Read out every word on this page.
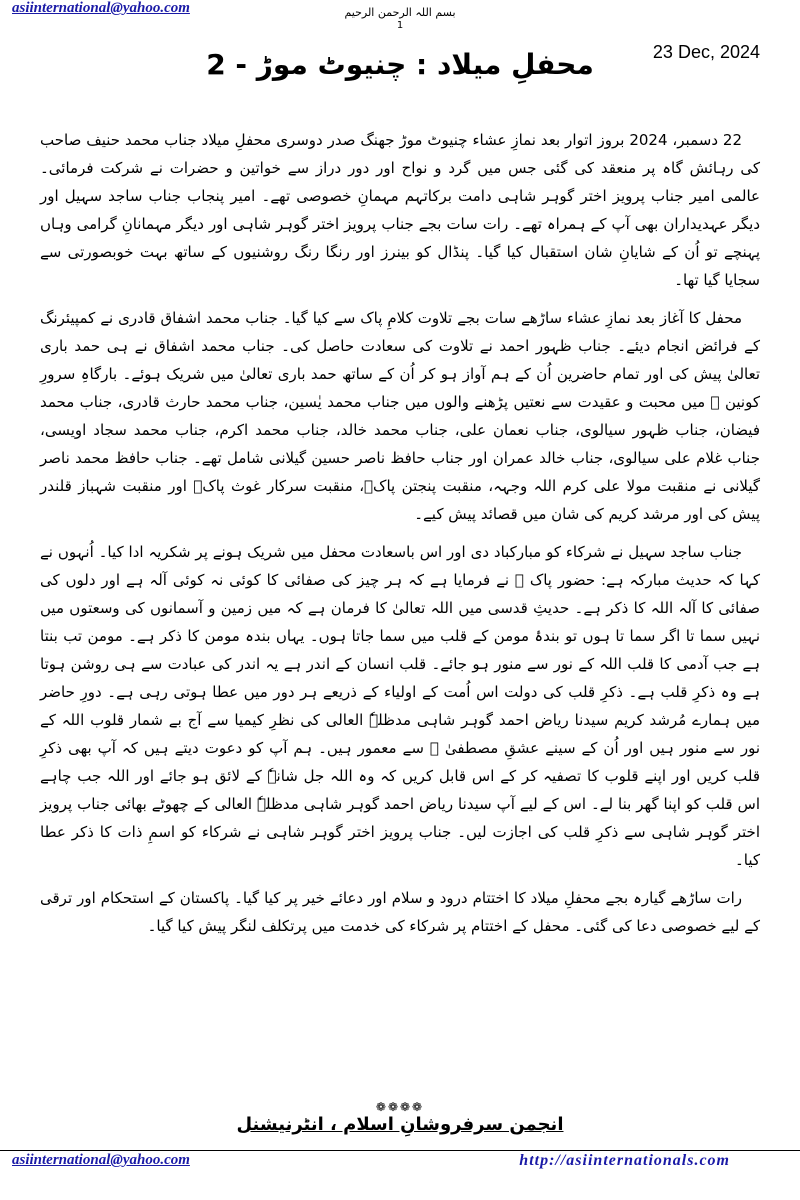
asiinternational@yahoo.com	بسم اللہ الرحمن الرحیم
1
23 Dec, 2024
محفلِ میلاد : چنیوٹ موڑ - 2

22 دسمبر، 2024 بروز اتوار بعد نمازِ عشاء چنیوٹ موڑ جھنگ صدر دوسری محفلِ میلاد جناب محمد حنیف صاحب کی رہائش گاہ پر منعقد کی گئی جس میں گرد و نواح اور دور دراز سے خواتین و حضرات نے شرکت فرمائی۔ عالمی امیر جناب پرویز اختر گوہر شاہی دامت برکاتہم مہمانِ خصوصی تھے۔ امیر پنجاب جناب ساجد سہیل اور دیگر عہدیداران بھی آپ کے ہمراہ تھے۔ رات سات بجے جناب پرویز اختر گوہر شاہی اور دیگر مہمانانِ گرامی وہاں پہنچے تو اُن کے شایانِ شان استقبال کیا گیا۔ پنڈال کو بینرز اور رنگا رنگ روشنیوں کے ساتھ بہت خوبصورتی سے سجایا گیا تھا۔

محفل کا آغاز بعد نمازِ عشاء ساڑھے سات بجے تلاوت کلامِ پاک سے کیا گیا۔ جناب محمد اشفاق قادری نے کمپیئرنگ کے فرائض انجام دیئے۔ جناب ظہور احمد نے تلاوت کی سعادت حاصل کی۔ جناب محمد اشفاق نے ہی حمد باری تعالیٰ پیش کی اور تمام حاضرین اُن کے ہم آواز ہو کر اُن کے ساتھ حمد باری تعالیٰ میں شریک ہوئے۔ بارگاہِ سرورِ کونین ﷺ میں محبت و عقیدت سے نعتیں پڑھنے والوں میں جناب محمد یٰسین، جناب محمد حارث قادری، جناب محمد فیضان، جناب ظہور سیالوی، جناب نعمان علی، جناب محمد خالد، جناب محمد اکرم، جناب محمد سجاد اویسی، جناب غلام علی سیالوی، جناب خالد عمران اور جناب حافظ ناصر حسین گیلانی شامل تھے۔ جناب حافظ محمد ناصر گیلانی نے منقبت مولا علی کرم اللہ وجہہ، منقبت پنجتن پاکؑ، منقبت سرکار غوث پاکؓ اور منقبت شہباز قلندر پیش کی اور مرشد کریم کی شان میں قصائد پیش کیے۔

جناب ساجد سہیل نے شرکاء کو مبارکباد دی اور اس باسعادت محفل میں شریک ہونے پر شکریہ ادا کیا۔ اُنہوں نے کہا کہ حدیث مبارکہ ہے: حضور پاک ﷺ نے فرمایا ہے کہ ہر چیز کی صفائی کا کوئی نہ کوئی آلہ ہے اور دلوں کی صفائی کا آلہ اللہ کا ذکر ہے۔ حدیثِ قدسی میں اللہ تعالیٰ کا فرمان ہے کہ میں زمین و آسمانوں کی وسعتوں میں نہیں سما تا اگر سما تا ہوں تو بندۂ مومن کے قلب میں سما جاتا ہوں۔ یہاں بندہ مومن کا ذکر ہے۔ مومن تب بنتا ہے جب آدمی کا قلب اللہ کے نور سے منور ہو جائے۔ قلب انسان کے اندر ہے یہ اندر کی عبادت سے ہی روشن ہوتا ہے وہ ذکرِ قلب ہے۔ ذکرِ قلب کی دولت اس اُمت کے اولیاء کے ذریعے ہر دور میں عطا ہوتی رہی ہے۔ دورِ حاضر میں ہمارے مُرشد کریم سیدنا ریاض احمد گوہر شاہی مدظلہٗ العالی کی نظرِ کیمیا سے آج بے شمار قلوب اللہ کے نور سے منور ہیں اور اُن کے سینے عشقِ مصطفیٰ ﷺ سے معمور ہیں۔ ہم آپ کو دعوت دیتے ہیں کہ آپ بھی ذکرِ قلب کریں اور اپنے قلوب کا تصفیہ کر کے اس قابل کریں کہ وہ اللہ جل شانہٗ کے لائق ہو جائے اور اللہ جب چاہے اس قلب کو اپنا گھر بنا لے۔ اس کے لیے آپ سیدنا ریاض احمد گوہر شاہی مدظلہٗ العالی کے چھوٹے بھائی جناب پرویز اختر گوہر شاہی سے ذکرِ قلب کی اجازت لیں۔ جناب پرویز اختر گوہر شاہی نے شرکاء کو اسمِ ذات کا ذکر عطا کیا۔

رات ساڑھے گیارہ بجے محفلِ میلاد کا اختتام درود و سلام اور دعائے خیر پر کیا گیا۔ پاکستان کے استحکام اور ترقی کے لیے خصوصی دعا کی گئی۔ محفل کے اختتام پر شرکاء کی خدمت میں پرتکلف لنگر پیش کیا گیا۔

❁❁❁❁
انجمن سرفروشانِ اسلام ، انٹرنیشنل
asiinternational@yahoo.com	http://asiinternationals.com
